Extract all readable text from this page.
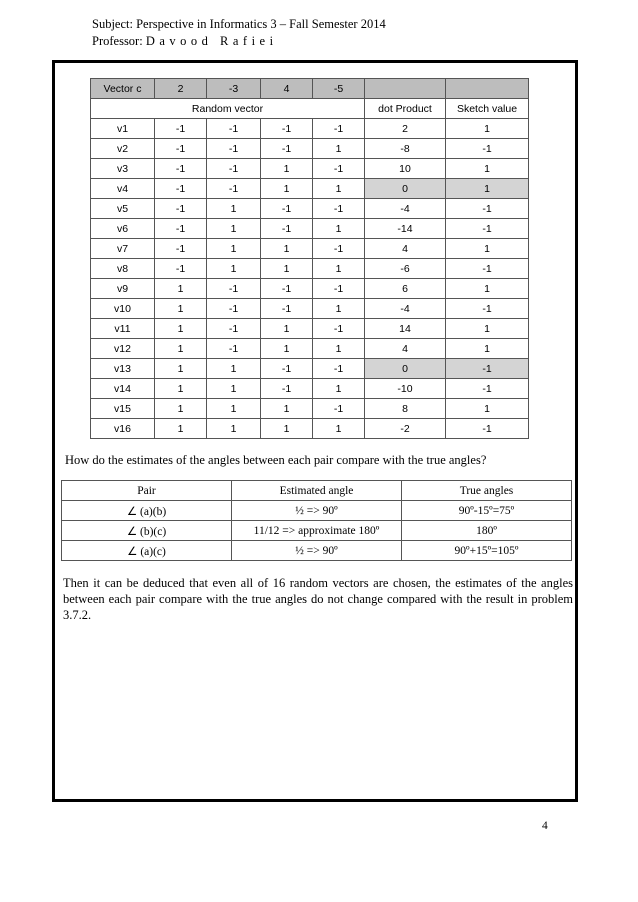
Subject: Perspective in Informatics 3 – Fall Semester 2014
Professor: Davood Rafiei
Vector c	2	-3	4	-5		
Random vector					dot Product	Sketch value
v1	-1	-1	-1	-1	2	1
v2	-1	-1	-1	1	-8	-1
v3	-1	-1	1	-1	10	1
v4	-1	-1	1	1	0	1
v5	-1	1	-1	-1	-4	-1
v6	-1	1	-1	1	-14	-1
v7	-1	1	1	-1	4	1
v8	-1	1	1	1	-6	-1
v9	1	-1	-1	-1	6	1
v10	1	-1	-1	1	-4	-1
v11	1	-1	1	-1	14	1
v12	1	-1	1	1	4	1
v13	1	1	-1	-1	0	-1
v14	1	1	-1	1	-10	-1
v15	1	1	1	-1	8	1
v16	1	1	1	1	-2	-1
How do the estimates of the angles between each pair compare with the true angles?
Pair	Estimated angle	True angles
∠ (a)(b)	½ => 90º	90º-15º=75º
∠ (b)(c)	11/12 => approximate 180º	180º
∠ (a)(c)	½ => 90º	90º+15º=105º
Then it can be deduced that even all of 16 random vectors are chosen, the estimates of the angles between each pair compare with the true angles do not change compared with the result in problem 3.7.2.
4
